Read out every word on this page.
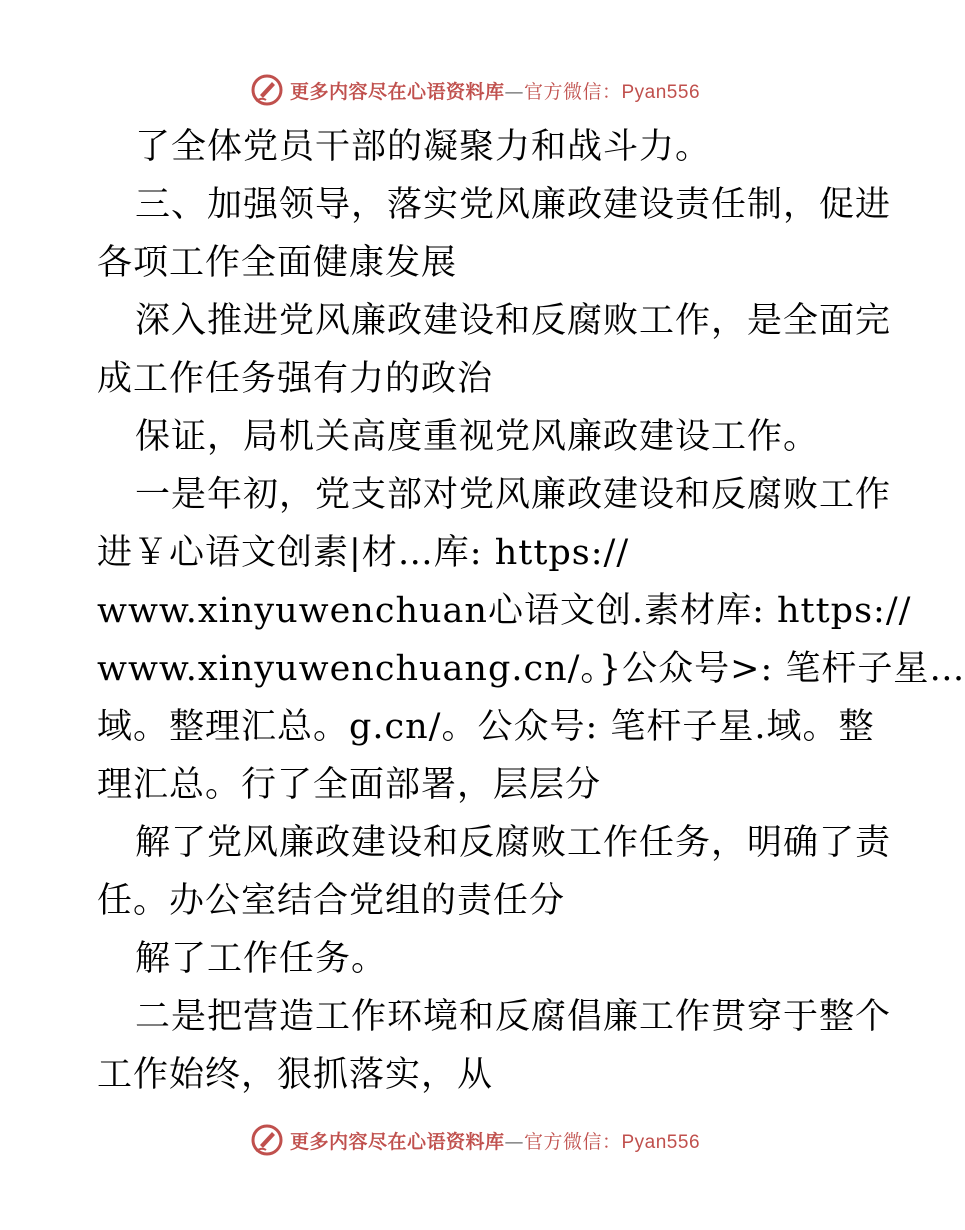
更多内容尽在心语资料库—官方微信：Pyan556
了全体党员干部的凝聚力和战斗力。
三、加强领导，落实党风廉政建设责任制，促进
各项工作全面健康发展
深入推进党风廉政建设和反腐败工作，是全面完
成工作任务强有力的政治
保证，局机关高度重视党风廉政建设工作。
一是年初，党支部对党风廉政建设和反腐败工作
进￥心语文创素|材…库: https://
www.xinyuwenchuan心语文创.素材库: https://
www.xinyuwenchuang.cn/。}公众号>: 笔杆子星…
域。整理汇总。g.cn/。公众号: 笔杆子星.域。整
理汇总。行了全面部署，层层分
解了党风廉政建设和反腐败工作任务，明确了责
任。办公室结合党组的责任分
解了工作任务。
二是把营造工作环境和反腐倡廉工作贯穿于整个
工作始终，狠抓落实，从
更多内容尽在心语资料库—官方微信：Pyan556
